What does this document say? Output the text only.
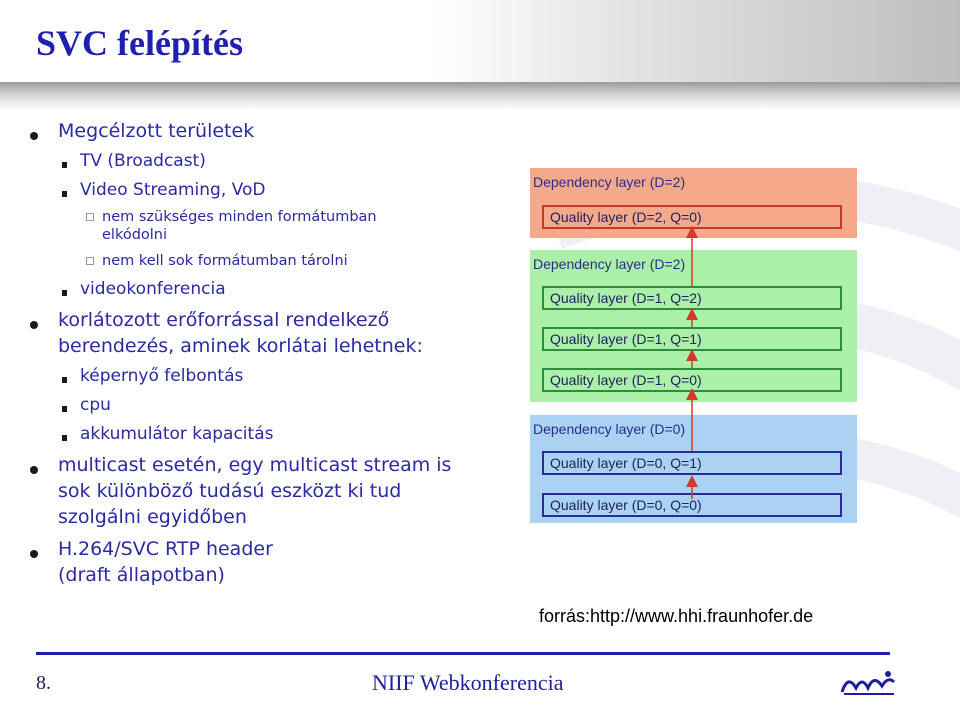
SVC felépítés
Megcélzott területek
TV (Broadcast)
Video Streaming, VoD
nem szükséges minden formátumban elkódolni
nem kell sok formátumban tárolni
videokonferencia
korlátozott erőforrással rendelkező berendezés, aminek korlátai lehetnek:
képernyő felbontás
cpu
akkumulátor kapacitás
multicast esetén, egy multicast stream is sok különböző tudású eszközt ki tud szolgálni egyidőben
H.264/SVC RTP header (draft állapotban)
Dependency layer (D=2)
Quality layer (D=2, Q=0)
Dependency layer (D=2)
Quality layer (D=1, Q=2)
Quality layer (D=1, Q=1)
Quality layer (D=1, Q=0)
Dependency layer (D=0)
Quality layer (D=0, Q=1)
Quality layer (D=0, Q=0)
forrás:http://www.hhi.fraunhofer.de
8.	NIIF Webkonferencia
